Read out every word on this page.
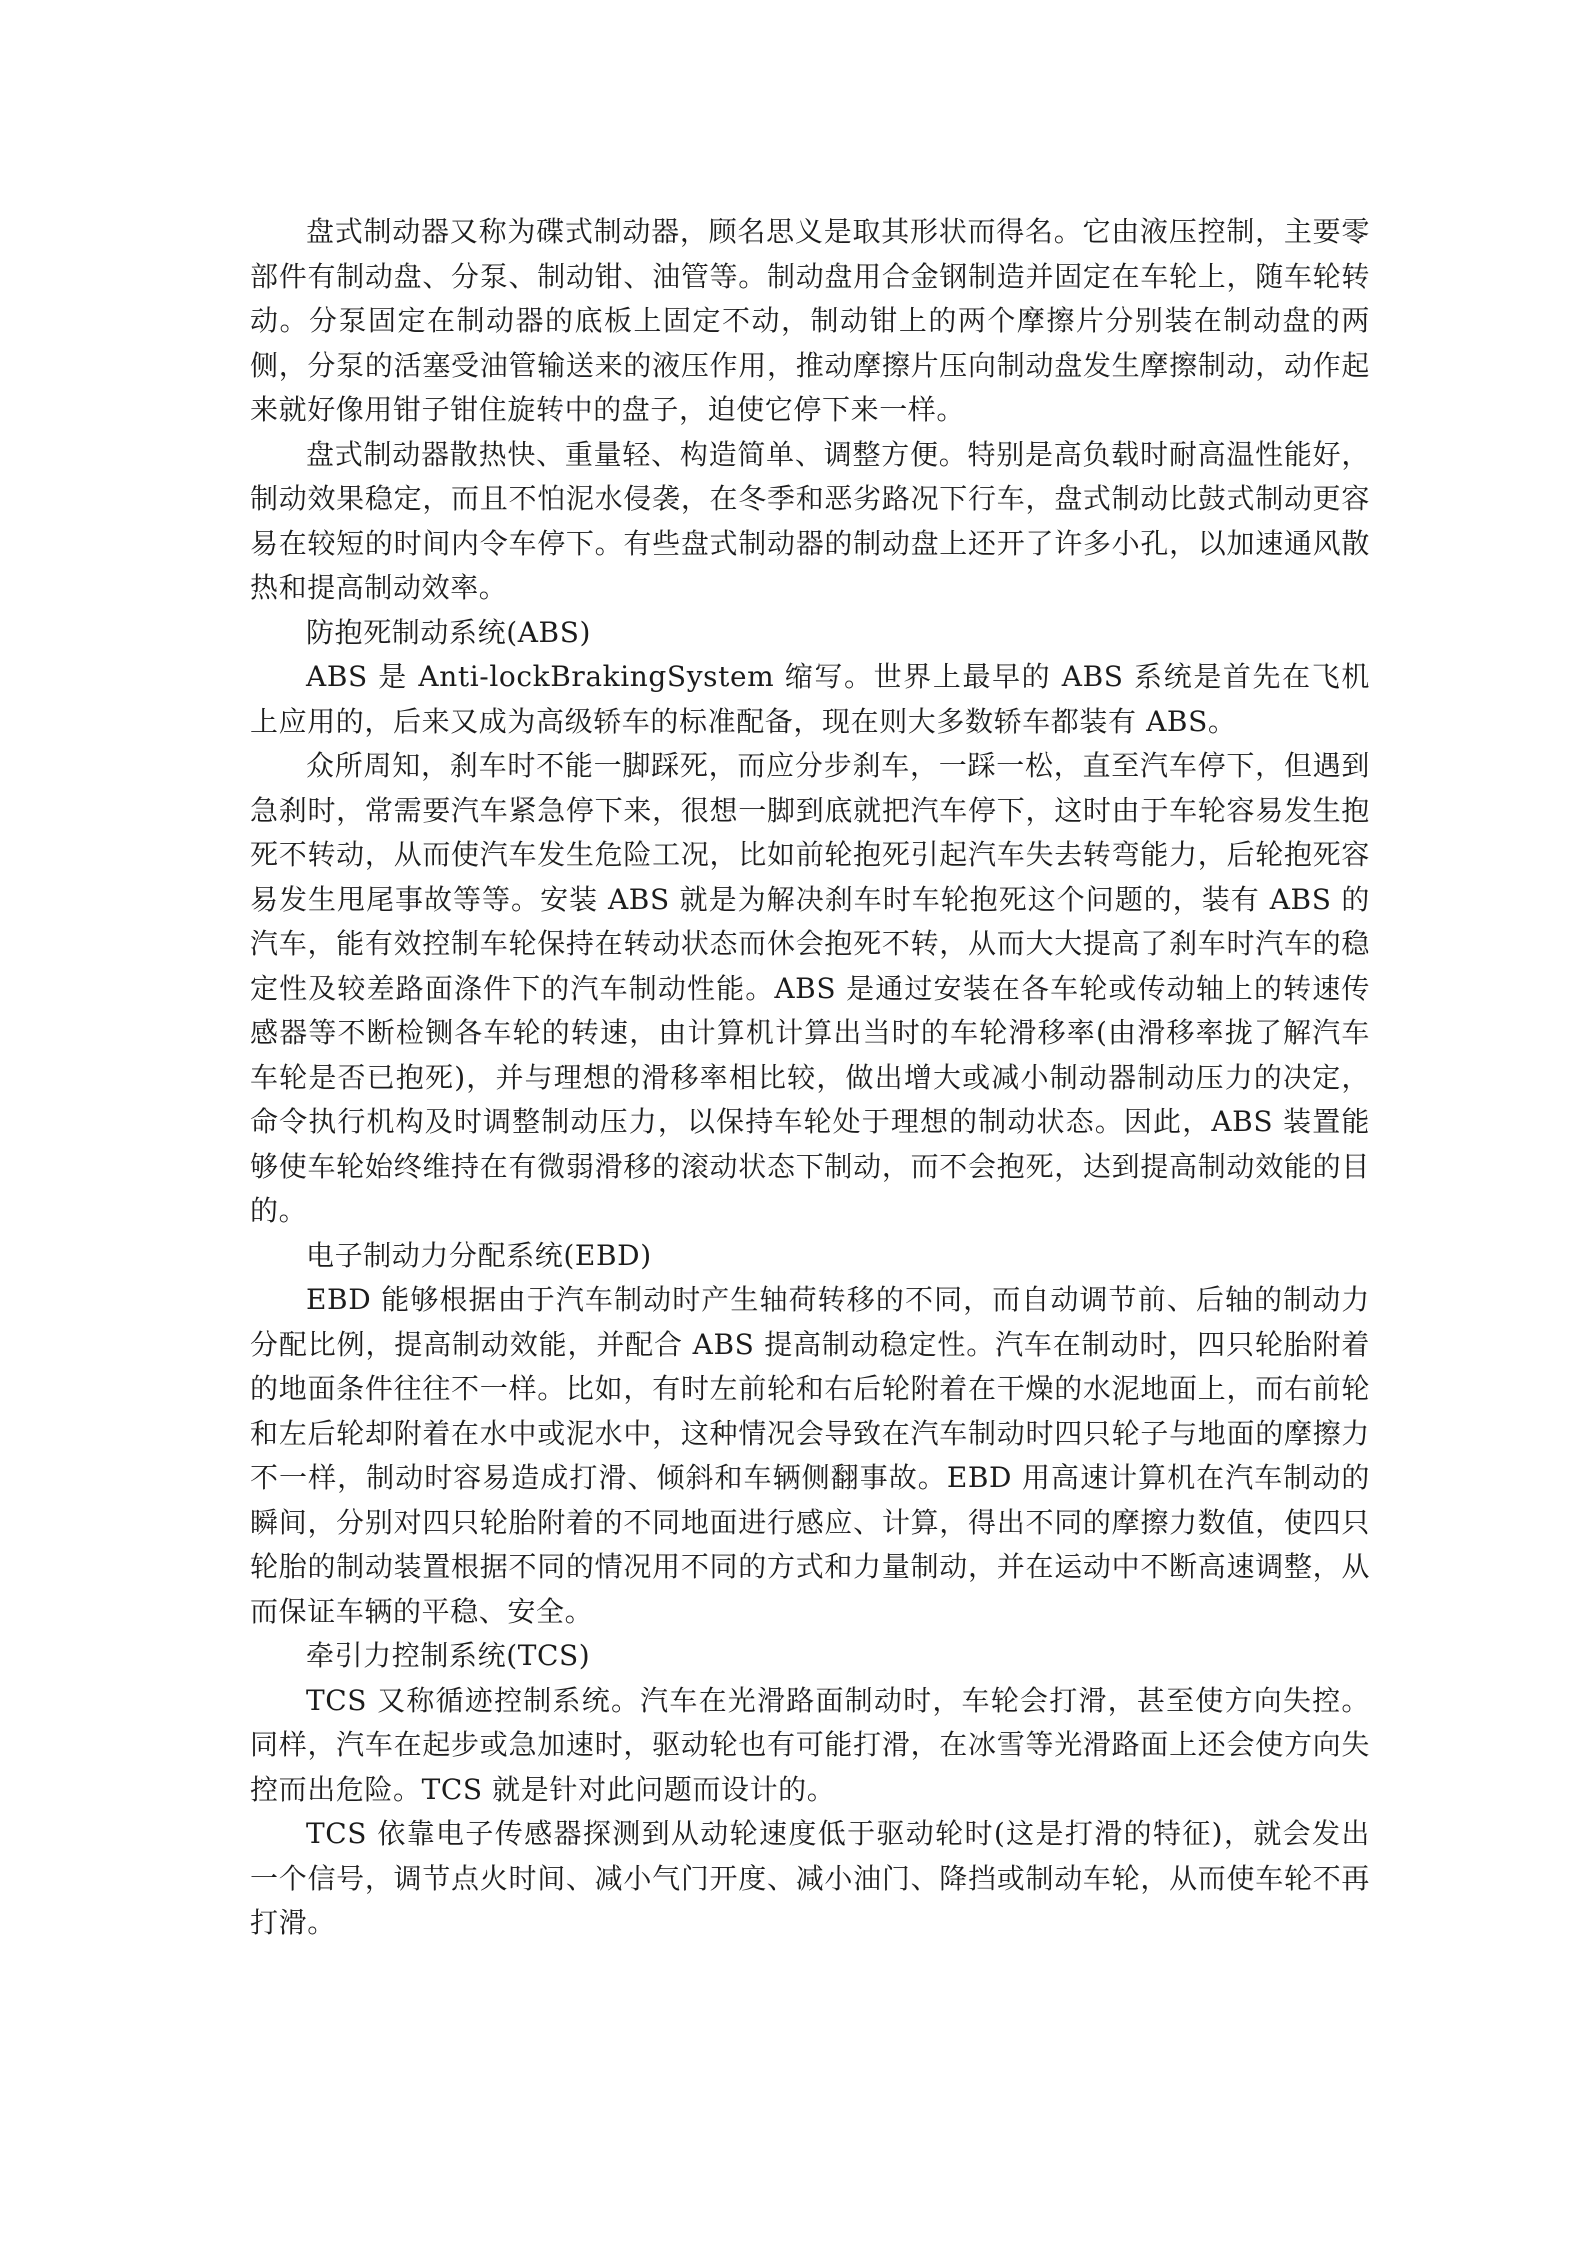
盘式制动器又称为碟式制动器，顾名思义是取其形状而得名。它由液压控制，主要零部件有制动盘、分泵、制动钳、油管等。制动盘用合金钢制造并固定在车轮上，随车轮转动。分泵固定在制动器的底板上固定不动，制动钳上的两个摩擦片分别装在制动盘的两侧，分泵的活塞受油管输送来的液压作用，推动摩擦片压向制动盘发生摩擦制动，动作起来就好像用钳子钳住旋转中的盘子，迫使它停下来一样。

盘式制动器散热快、重量轻、构造简单、调整方便。特别是高负载时耐高温性能好，制动效果稳定，而且不怕泥水侵袭，在冬季和恶劣路况下行车，盘式制动比鼓式制动更容易在较短的时间内令车停下。有些盘式制动器的制动盘上还开了许多小孔，以加速通风散热和提高制动效率。

防抱死制动系统(ABS)

ABS 是 Anti-lockBrakingSystem 缩写。世界上最早的 ABS 系统是首先在飞机上应用的，后来又成为高级轿车的标准配备，现在则大多数轿车都装有 ABS。

众所周知，刹车时不能一脚踩死，而应分步刹车，一踩一松，直至汽车停下，但遇到急刹时，常需要汽车紧急停下来，很想一脚到底就把汽车停下，这时由于车轮容易发生抱死不转动，从而使汽车发生危险工况，比如前轮抱死引起汽车失去转弯能力，后轮抱死容易发生甩尾事故等等。安装 ABS 就是为解决刹车时车轮抱死这个问题的，装有 ABS 的汽车，能有效控制车轮保持在转动状态而休会抱死不转，从而大大提高了刹车时汽车的稳定性及较差路面涤件下的汽车制动性能。ABS 是通过安装在各车轮或传动轴上的转速传感器等不断检铡各车轮的转速，由计算机计算出当时的车轮滑移率(由滑移率拢了解汽车车轮是否已抱死)，并与理想的滑移率相比较，做出增大或减小制动器制动压力的决定，命令执行机构及时调整制动压力，以保持车轮处于理想的制动状态。因此，ABS 装置能够使车轮始终维持在有微弱滑移的滚动状态下制动，而不会抱死，达到提高制动效能的目的。

电子制动力分配系统(EBD)

EBD 能够根据由于汽车制动时产生轴荷转移的不同，而自动调节前、后轴的制动力分配比例，提高制动效能，并配合 ABS 提高制动稳定性。汽车在制动时，四只轮胎附着的地面条件往往不一样。比如，有时左前轮和右后轮附着在干燥的水泥地面上，而右前轮和左后轮却附着在水中或泥水中，这种情况会导致在汽车制动时四只轮子与地面的摩擦力不一样，制动时容易造成打滑、倾斜和车辆侧翻事故。EBD 用高速计算机在汽车制动的瞬间，分别对四只轮胎附着的不同地面进行感应、计算，得出不同的摩擦力数值，使四只轮胎的制动装置根据不同的情况用不同的方式和力量制动，并在运动中不断高速调整，从而保证车辆的平稳、安全。

牵引力控制系统(TCS)

TCS 又称循迹控制系统。汽车在光滑路面制动时，车轮会打滑，甚至使方向失控。同样，汽车在起步或急加速时，驱动轮也有可能打滑，在冰雪等光滑路面上还会使方向失控而出危险。TCS 就是针对此问题而设计的。

TCS 依靠电子传感器探测到从动轮速度低于驱动轮时(这是打滑的特征)，就会发出一个信号，调节点火时间、减小气门开度、减小油门、降挡或制动车轮，从而使车轮不再打滑。
